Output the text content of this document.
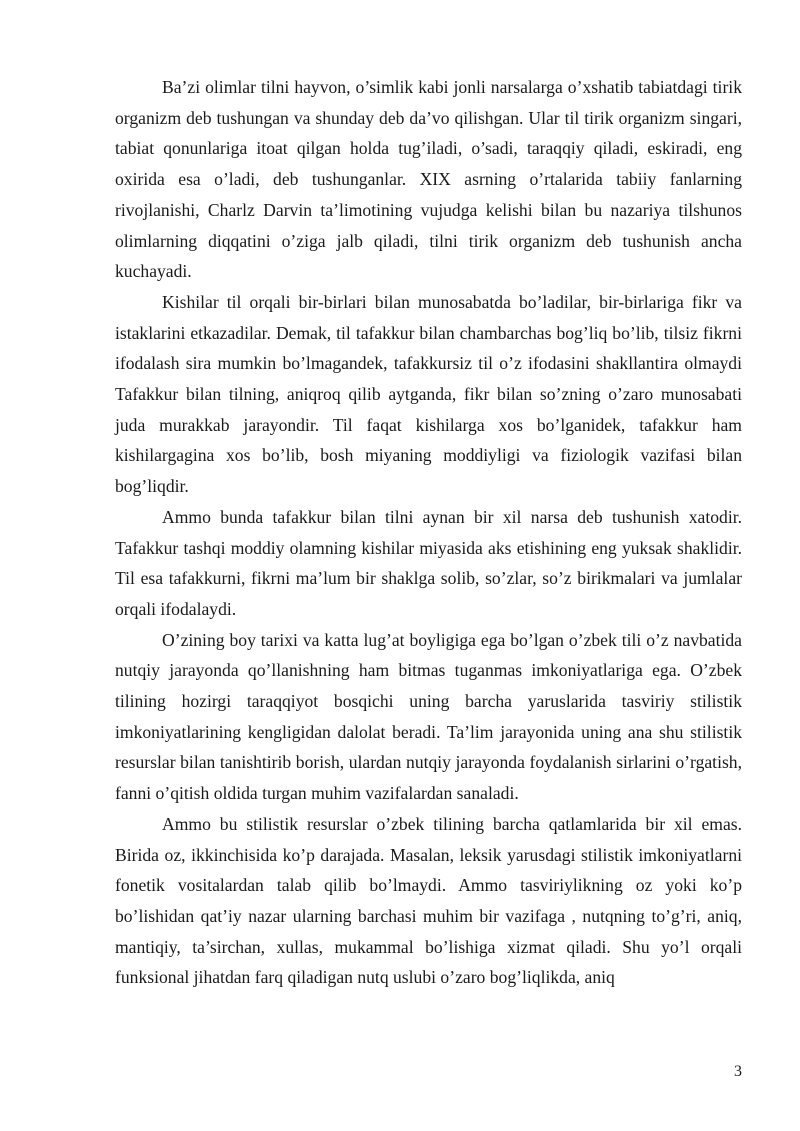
Ba’zi olimlar tilni hayvon, o’simlik kabi jonli narsalarga o’xshatib tabiatdagi tirik organizm deb tushungan va shunday deb da’vo qilishgan. Ular til tirik organizm singari, tabiat qonunlariga itoat qilgan holda tug’iladi, o’sadi, taraqqiy qiladi, eskiradi, eng oxirida esa o’ladi, deb tushunganlar. XIX asrning o’rtalarida tabiiy fanlarning rivojlanishi, Charlz Darvin ta’limotining vujudga kelishi bilan bu nazariya tilshunos olimlarning diqqatini o’ziga jalb qiladi, tilni tirik organizm deb tushunish ancha kuchayadi.

Kishilar til orqali bir-birlari bilan munosabatda bo’ladilar, bir-birlariga fikr va istaklarini etkazadilar. Demak, til tafakkur bilan chambarchas bog’liq bo’lib, tilsiz fikrni ifodalash sira mumkin bo’lmagandek, tafakkursiz til o’z ifodasini shakllantira olmaydi Tafakkur bilan tilning, aniqroq qilib aytganda, fikr bilan so’zning o’zaro munosabati juda murakkab jarayondir. Til faqat kishilarga xos bo’lganidek, tafakkur ham kishilargagina xos bo’lib, bosh miyaning moddiyligi va fiziologik vazifasi bilan bog’liqdir.

Ammo bunda tafakkur bilan tilni aynan bir xil narsa deb tushunish xatodir. Tafakkur tashqi moddiy olamning kishilar miyasida aks etishining eng yuksak shaklidir. Til esa tafakkurni, fikrni ma’lum bir shaklga solib, so’zlar, so’z birikmalari va jumlalar orqali ifodalaydi.

O’zining boy tarixi va katta lug’at boyligiga ega bo’lgan o’zbek tili o’z navbatida nutqiy jarayonda qo’llanishning ham bitmas tuganmas imkoniyatlariga ega. O’zbek tilining hozirgi taraqqiyot bosqichi uning barcha yaruslarida tasviriy stilistik imkoniyatlarining kengligidan dalolat beradi. Ta’lim jarayonida uning ana shu stilistik resurslar bilan tanishtirib borish, ulardan nutqiy jarayonda foydalanish sirlarini o’rgatish, fanni o’qitish oldida turgan muhim vazifalardan sanaladi.

Ammo bu stilistik resurslar o’zbek tilining barcha qatlamlarida bir xil emas. Birida oz, ikkinchisida ko’p darajada. Masalan, leksik yarusdagi stilistik imkoniyatlarni fonetik vositalardan talab qilib bo’lmaydi. Ammo tasviriylikning oz yoki ko’p bo’lishidan qat’iy nazar ularning barchasi muhim bir vazifaga , nutqning to’g’ri, aniq, mantiqiy, ta’sirchan, xullas, mukammal bo’lishiga xizmat qiladi. Shu yo’l orqali funksional jihatdan farq qiladigan nutq uslubi o’zaro bog’liqlikda, aniq

3
